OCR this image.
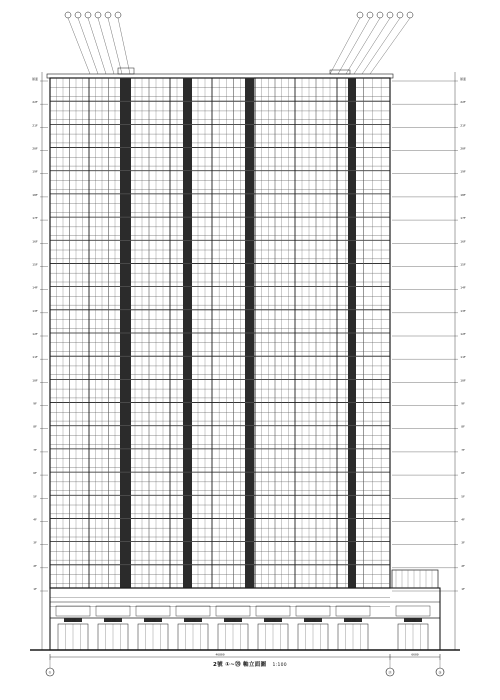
门面	门面	门面	门面	门面	门面	门面	门面	门面
屋面
22F
21F
20F
19F
18F
17F
16F
15F
14F
13F
12F
11F
10F
9F
8F
7F
6F
5F
4F
3F
2F
1F
屋面
22F
21F
20F
19F
18F
17F
16F
15F
14F
13F
12F
11F
10F
9F
8F
7F
6F
5F
4F
3F
2F
1F
46800	6600
①	⑲	⑳
2號 ①~⑳ 軸立面圖 1:100
